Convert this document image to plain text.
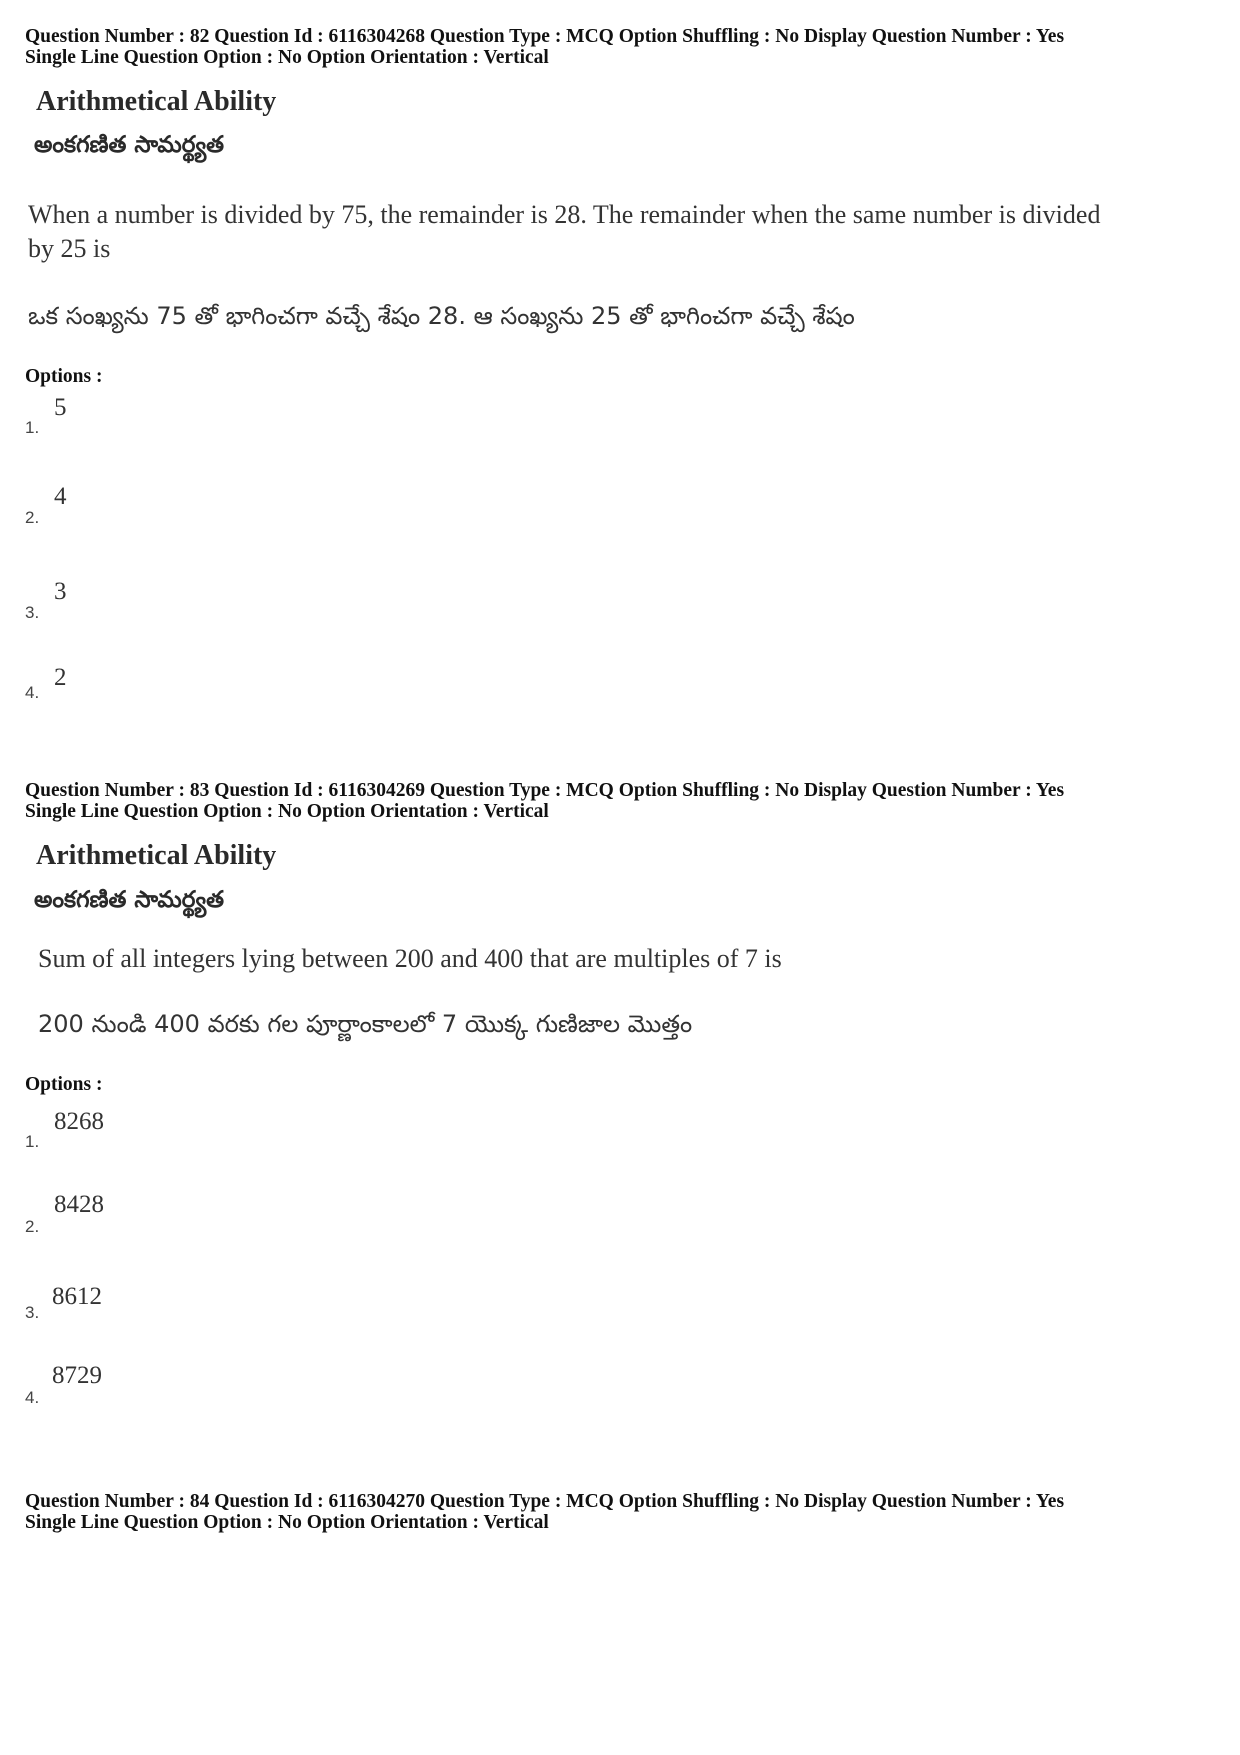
Question Number : 82 Question Id : 6116304268 Question Type : MCQ Option Shuffling : No Display Question Number : Yes
Single Line Question Option : No Option Orientation : Vertical
Arithmetical Ability
అంకగణిత సామర్థ్యత
When a number is divided by 75, the remainder is 28. The remainder when the same number is divided by 25 is
ఒక సంఖ్యను 75 తో భాగించగా వచ్చే శేషం 28. ఆ సంఖ్యను 25 తో భాగించగా వచ్చే శేషం
Options :
1.
5
2.
4
3.
3
4.
2
Question Number : 83 Question Id : 6116304269 Question Type : MCQ Option Shuffling : No Display Question Number : Yes
Single Line Question Option : No Option Orientation : Vertical
Arithmetical Ability
అంకగణిత సామర్థ్యత
Sum of all integers lying between 200 and 400 that are multiples of 7 is
200 నుండి 400 వరకు గల పూర్ణాంకాలలో 7 యొక్క గుణిజాల మొత్తం
Options :
1.
8268
2.
8428
3.
8612
4.
8729
Question Number : 84 Question Id : 6116304270 Question Type : MCQ Option Shuffling : No Display Question Number : Yes
Single Line Question Option : No Option Orientation : Vertical
